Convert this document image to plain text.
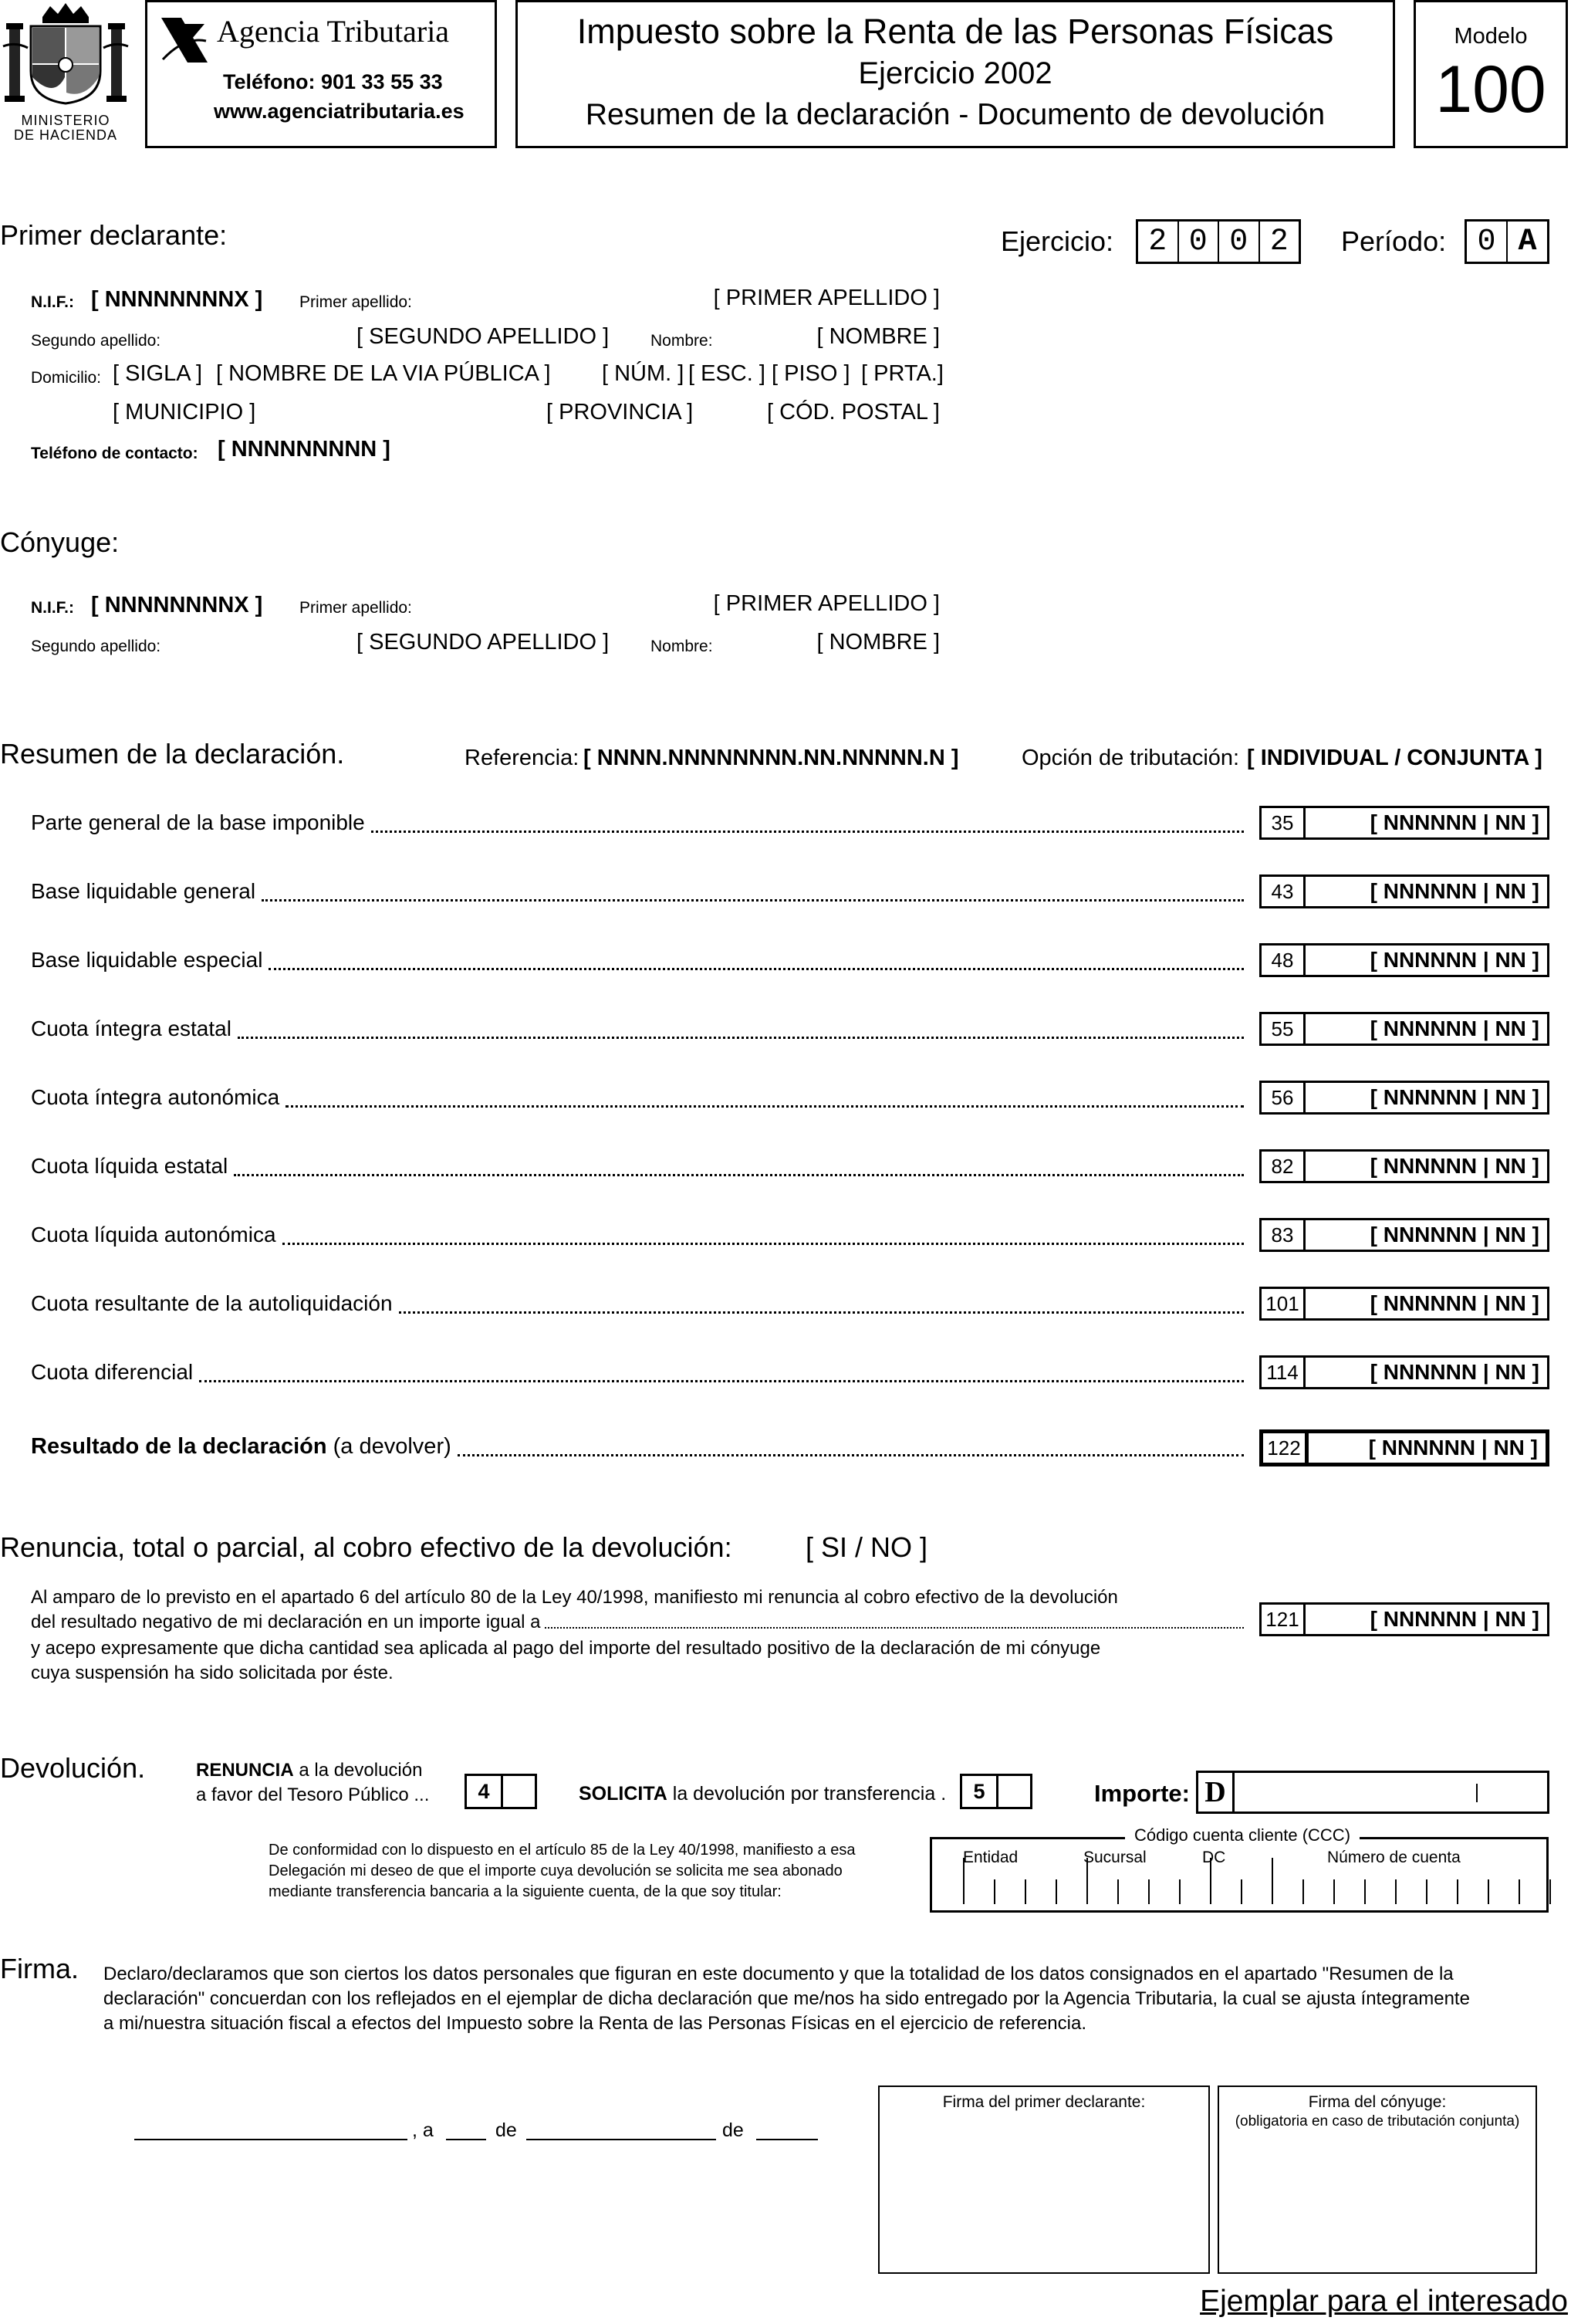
MINISTERIO
DE HACIENDA
Agencia Tributaria
Teléfono: 901 33 55 33
www.agenciatributaria.es
Impuesto sobre la Renta de las Personas Físicas
Ejercicio 2002
Resumen de la declaración - Documento de devolución
Modelo
100
Primer declarante:	Ejercicio:	2 0 0 2	Período:	0 A
N.I.F.: [ NNNNNNNNX ] Primer apellido:	[ PRIMER APELLIDO ]
Segundo apellido:	[ SEGUNDO APELLIDO ]	Nombre:	[ NOMBRE ]
Domicilio: [ SIGLA ] [ NOMBRE DE LA VIA PÚBLICA ] [ NÚM. ] [ ESC. ] [ PISO ] [ PRTA.]
[ MUNICIPIO ]	[ PROVINCIA ]	[ CÓD. POSTAL ]
Teléfono de contacto: [ NNNNNNNNN ]
Cónyuge:
N.I.F.: [ NNNNNNNNX ] Primer apellido:	[ PRIMER APELLIDO ]
Segundo apellido:	[ SEGUNDO APELLIDO ]	Nombre:	[ NOMBRE ]
Resumen de la declaración.	Referencia: [ NNNN.NNNNNNNN.NN.NNNNN.N ]	Opción de tributación: [ INDIVIDUAL / CONJUNTA ]
Parte general de la base imponible	35	[ NNNNNN | NN ]
Base liquidable general	43	[ NNNNNN | NN ]
Base liquidable especial	48	[ NNNNNN | NN ]
Cuota íntegra estatal	55	[ NNNNNN | NN ]
Cuota íntegra autonómica	56	[ NNNNNN | NN ]
Cuota líquida estatal	82	[ NNNNNN | NN ]
Cuota líquida autonómica	83	[ NNNNNN | NN ]
Cuota resultante de la autoliquidación	101	[ NNNNNN | NN ]
Cuota diferencial	114	[ NNNNNN | NN ]
Resultado de la declaración (a devolver)	122	[ NNNNNN | NN ]
Renuncia, total o parcial, al cobro efectivo de la devolución:	[ SI / NO ]
Al amparo de lo previsto en el apartado 6 del artículo 80 de la Ley 40/1998, manifiesto mi renuncia al cobro efectivo de la devolución
del resultado negativo de mi declaración en un importe igual a
y acepo expresamente que dicha cantidad sea aplicada al pago del importe del resultado positivo de la declaración de mi cónyuge
cuya suspensión ha sido solicitada por éste.
121	[ NNNNNN | NN ]
Devolución.	RENUNCIA a la devolución
a favor del Tesoro Público ...	4	SOLICITA la devolución por transferencia .	5	Importe: D
De conformidad con lo dispuesto en el artículo 85 de la Ley 40/1998, manifiesto a esa
Delegación mi deseo de que el importe cuya devolución se solicita me sea abonado
mediante transferencia bancaria a la siguiente cuenta, de la que soy titular:
Código cuenta cliente (CCC)
Entidad	Sucursal	DC	Número de cuenta
Firma. Declaro/declaramos que son ciertos los datos personales que figuran en este documento y que la totalidad de los datos consignados en el apartado "Resumen de la
declaración" concuerdan con los reflejados en el ejemplar de dicha declaración que me/nos ha sido entregado por la Agencia Tributaria, la cual se ajusta íntegramente
a mi/nuestra situación fiscal a efectos del Impuesto sobre la Renta de las Personas Físicas en el ejercicio de referencia.
, a	de	de
Firma del primer declarante:	Firma del cónyuge:
(obligatoria en caso de tributación conjunta)
Ejemplar para el interesado
